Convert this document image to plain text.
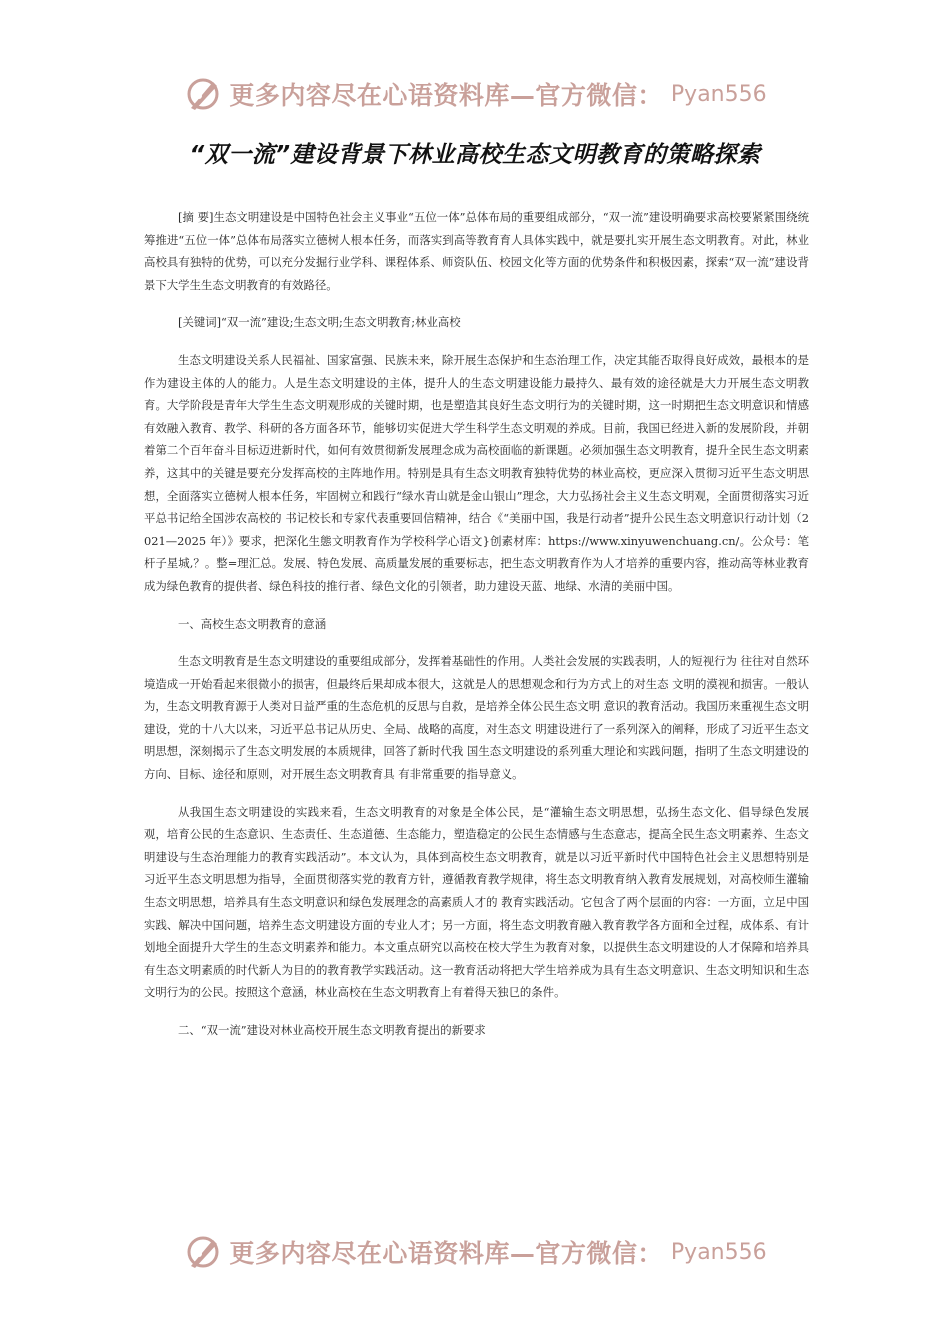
更多内容尽在心语资料库—官方微信： Pyan556
“双一流”建设背景下林业高校生态文明教育的策略探索

[摘 要]生态文明建设是中国特色社会主义事业“五位一体”总体布局的重要组成部分，“双一流”建设明确要求高校要紧紧围绕统筹推进“五位一体”总体布局落实立德树人根本任务，而落实到高等教育育人具体实践中，就是要扎实开展生态文明教育。对此，林业高校具有独特的优势，可以充分发掘行业学科、课程体系、师资队伍、校园文化等方面的优势条件和积极因素，探索“双一流”建设背景下大学生生态文明教育的有效路径。

[关键词]“双一流”建设;生态文明;生态文明教育;林业高校

生态文明建设关系人民福祉、国家富强、民族未来，除开展生态保护和生态治理工作，决定其能否取得良好成效，最根本的是作为建设主体的人的能力。人是生态文明建设的主体，提升人的生态文明建设能力最持久、最有效的途径就是大力开展生态文明教育。大学阶段是青年大学生生态文明观形成的关键时期，也是塑造其良好生态文明行为的关键时期，这一时期把生态文明意识和情感有效融入教育、教学、科研的各方面各环节，能够切实促进大学生科学生态文明观的养成。目前，我国已经进入新的发展阶段，并朝着第二个百年奋斗目标迈进新时代，如何有效贯彻新发展理念成为高校面临的新课题。必须加强生态文明教育，提升全民生态文明素养，这其中的关键是要充分发挥高校的主阵地作用。特别是具有生态文明教育独特优势的林业高校，更应深入贯彻习近平生态文明思想，全面落实立德树人根本任务，牢固树立和践行“绿水青山就是金山银山”理念，大力弘扬社会主义生态文明观，全面贯彻落实习近平总书记给全国涉农高校的 书记校长和专家代表重要回信精神，结合《“美丽中国，我是行动者”提升公民生态文明意识行动计划（2021—2025 年）》要求，把深化生態文明教育作为学校科学心语文}创素材库：https://www.xinyuwenchuang.cn/。公众号：笔杆子星城,？。整=理汇总。发展、特色发展、高质量发展的重要标志，把生态文明教育作为人才培养的重要内容，推动高等林业教育成为绿色教育的提供者、绿色科技的推行者、绿色文化的引领者，助力建设天蓝、地绿、水清的美丽中国。

一、高校生态文明教育的意涵

生态文明教育是生态文明建设的重要组成部分，发挥着基础性的作用。人类社会发展的实践表明，人的短视行为 往往对自然环境造成一开始看起来很微小的损害，但最终后果却成本很大，这就是人的思想观念和行为方式上的对生态 文明的漠视和损害。一般认为，生态文明教育源于人类对日益严重的生态危机的反思与自救，是培养全体公民生态文明 意识的教育活动。我国历来重视生态文明建设，党的十八大以来，习近平总书记从历史、全局、战略的高度，对生态文 明建设进行了一系列深入的阐释，形成了习近平生态文明思想，深刻揭示了生态文明发展的本质规律，回答了新时代我 国生态文明建设的系列重大理论和实践问题，指明了生态文明建设的方向、目标、途径和原则，对开展生态文明教育具 有非常重要的指导意义。

从我国生态文明建设的实践来看，生态文明教育的对象是全体公民，是“灌输生态文明思想，弘扬生态文化、倡导绿色发展观，培育公民的生态意识、生态责任、生态道德、生态能力，塑造稳定的公民生态情感与生态意志，提高全民生态文明素养、生态文明建设与生态治理能力的教育实践活动”。本文认为，具体到高校生态文明教育，就是以习近平新时代中国特色社会主义思想特别是习近平生态文明思想为指导，全面贯彻落实党的教育方针，遵循教育教学规律，将生态文明教育纳入教育发展规划，对高校师生灌输生态文明思想，培养具有生态文明意识和绿色发展理念的高素质人才的 教育实践活动。它包含了两个层面的内容：一方面，立足中国实践、解决中国问题，培养生态文明建设方面的专业人才；另一方面，将生态文明教育融入教育教学各方面和全过程，成体系、有计划地全面提升大学生的生态文明素养和能力。本文重点研究以高校在校大学生为教育对象，以提供生态文明建设的人才保障和培养具有生态文明素质的时代新人为目的的教育教学实践活动。这一教育活动将把大学生培养成为具有生态文明意识、生态文明知识和生态文明行为的公民。按照这个意涵，林业高校在生态文明教育上有着得天独㔾的条件。

二、“双一流”建设对林业高校开展生态文明教育提出的新要求

更多内容尽在心语资料库—官方微信： Pyan556
